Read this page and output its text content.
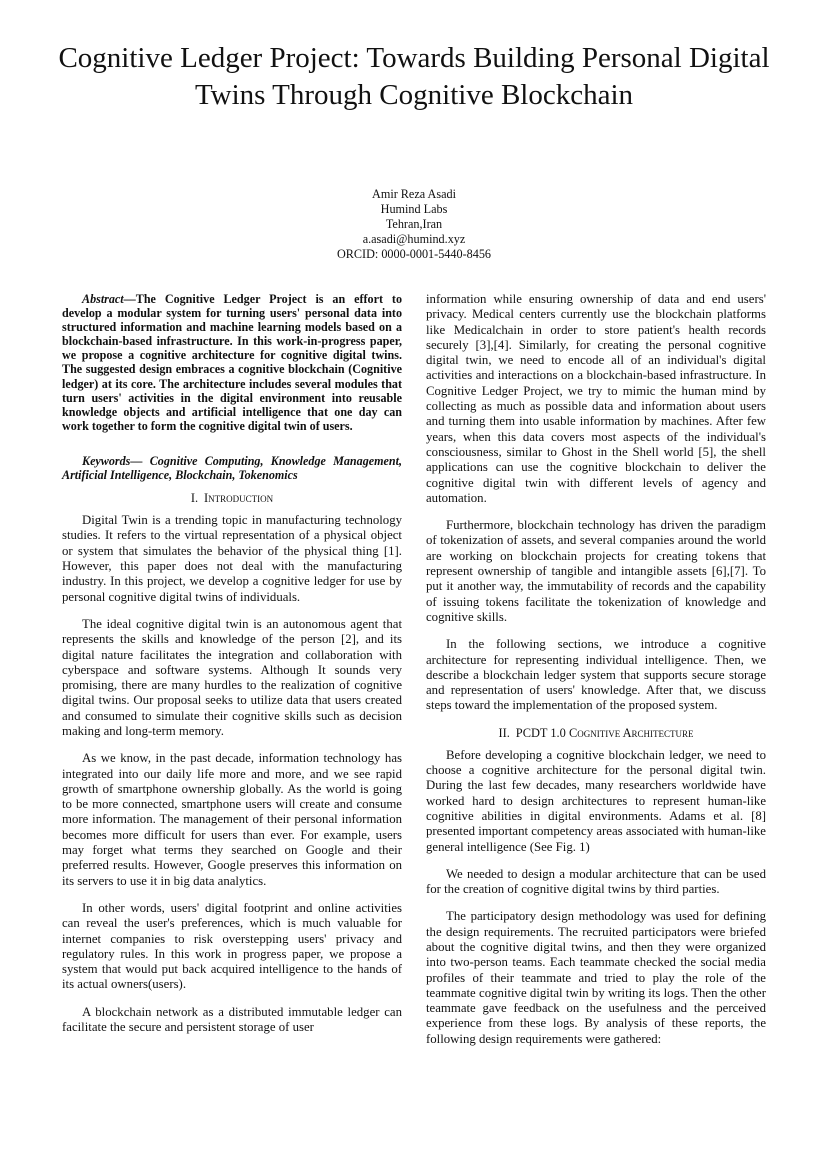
Cognitive Ledger Project: Towards Building Personal Digital Twins Through Cognitive Blockchain
Amir Reza Asadi
Humind Labs
Tehran,Iran
a.asadi@humind.xyz
ORCID: 0000-0001-5440-8456

Abstract—The Cognitive Ledger Project is an effort to develop a modular system for turning users' personal data into structured information and machine learning models based on a blockchain-based infrastructure. In this work-in-progress paper, we propose a cognitive architecture for cognitive digital twins. The suggested design embraces a cognitive blockchain (Cognitive ledger) at its core. The architecture includes several modules that turn users' activities in the digital environment into reusable knowledge objects and artificial intelligence that one day can work together to form the cognitive digital twin of users.

Keywords— Cognitive Computing, Knowledge Management, Artificial Intelligence, Blockchain, Tokenomics

I. Introduction

Digital Twin is a trending topic in manufacturing technology studies. It refers to the virtual representation of a physical object or system that simulates the behavior of the physical thing [1]. However, this paper does not deal with the manufacturing industry. In this project, we develop a cognitive ledger for use by personal cognitive digital twins of individuals.

The ideal cognitive digital twin is an autonomous agent that represents the skills and knowledge of the person [2], and its digital nature facilitates the integration and collaboration with cyberspace and software systems. Although It sounds very promising, there are many hurdles to the realization of cognitive digital twins. Our proposal seeks to utilize data that users created and consumed to simulate their cognitive skills such as decision making and long-term memory.

As we know, in the past decade, information technology has integrated into our daily life more and more, and we see rapid growth of smartphone ownership globally. As the world is going to be more connected, smartphone users will create and consume more information. The management of their personal information becomes more difficult for users than ever. For example, users may forget what terms they searched on Google and their preferred results. However, Google preserves this information on its servers to use it in big data analytics.

In other words, users' digital footprint and online activities can reveal the user's preferences, which is much valuable for internet companies to risk overstepping users' privacy and regulatory rules. In this work in progress paper, we propose a system that would put back acquired intelligence to the hands of its actual owners(users).

A blockchain network as a distributed immutable ledger can facilitate the secure and persistent storage of user

information while ensuring ownership of data and end users' privacy. Medical centers currently use the blockchain platforms like Medicalchain in order to store patient's health records securely [3],[4]. Similarly, for creating the personal cognitive digital twin, we need to encode all of an individual's digital activities and interactions on a blockchain-based infrastructure. In Cognitive Ledger Project, we try to mimic the human mind by collecting as much as possible data and information about users and turning them into usable information by machines. After few years, when this data covers most aspects of the individual's consciousness, similar to Ghost in the Shell world [5], the shell applications can use the cognitive blockchain to deliver the cognitive digital twin with different levels of agency and automation.

Furthermore, blockchain technology has driven the paradigm of tokenization of assets, and several companies around the world are working on blockchain projects for creating tokens that represent ownership of tangible and intangible assets [6],[7]. To put it another way, the immutability of records and the capability of issuing tokens facilitate the tokenization of knowledge and cognitive skills.

In the following sections, we introduce a cognitive architecture for representing individual intelligence. Then, we describe a blockchain ledger system that supports secure storage and representation of users' knowledge. After that, we discuss steps toward the implementation of the proposed system.

II. PCDT 1.0 Cognitive Architecture

Before developing a cognitive blockchain ledger, we need to choose a cognitive architecture for the personal digital twin. During the last few decades, many researchers worldwide have worked hard to design architectures to represent human-like cognitive abilities in digital environments. Adams et al. [8] presented important competency areas associated with human-like general intelligence (See Fig. 1)

We needed to design a modular architecture that can be used for the creation of cognitive digital twins by third parties.

The participatory design methodology was used for defining the design requirements. The recruited participators were briefed about the cognitive digital twins, and then they were organized into two-person teams. Each teammate checked the social media profiles of their teammate and tried to play the role of the teammate cognitive digital twin by writing its logs. Then the other teammate gave feedback on the usefulness and the perceived experience from these logs. By analysis of these reports, the following design requirements were gathered:
